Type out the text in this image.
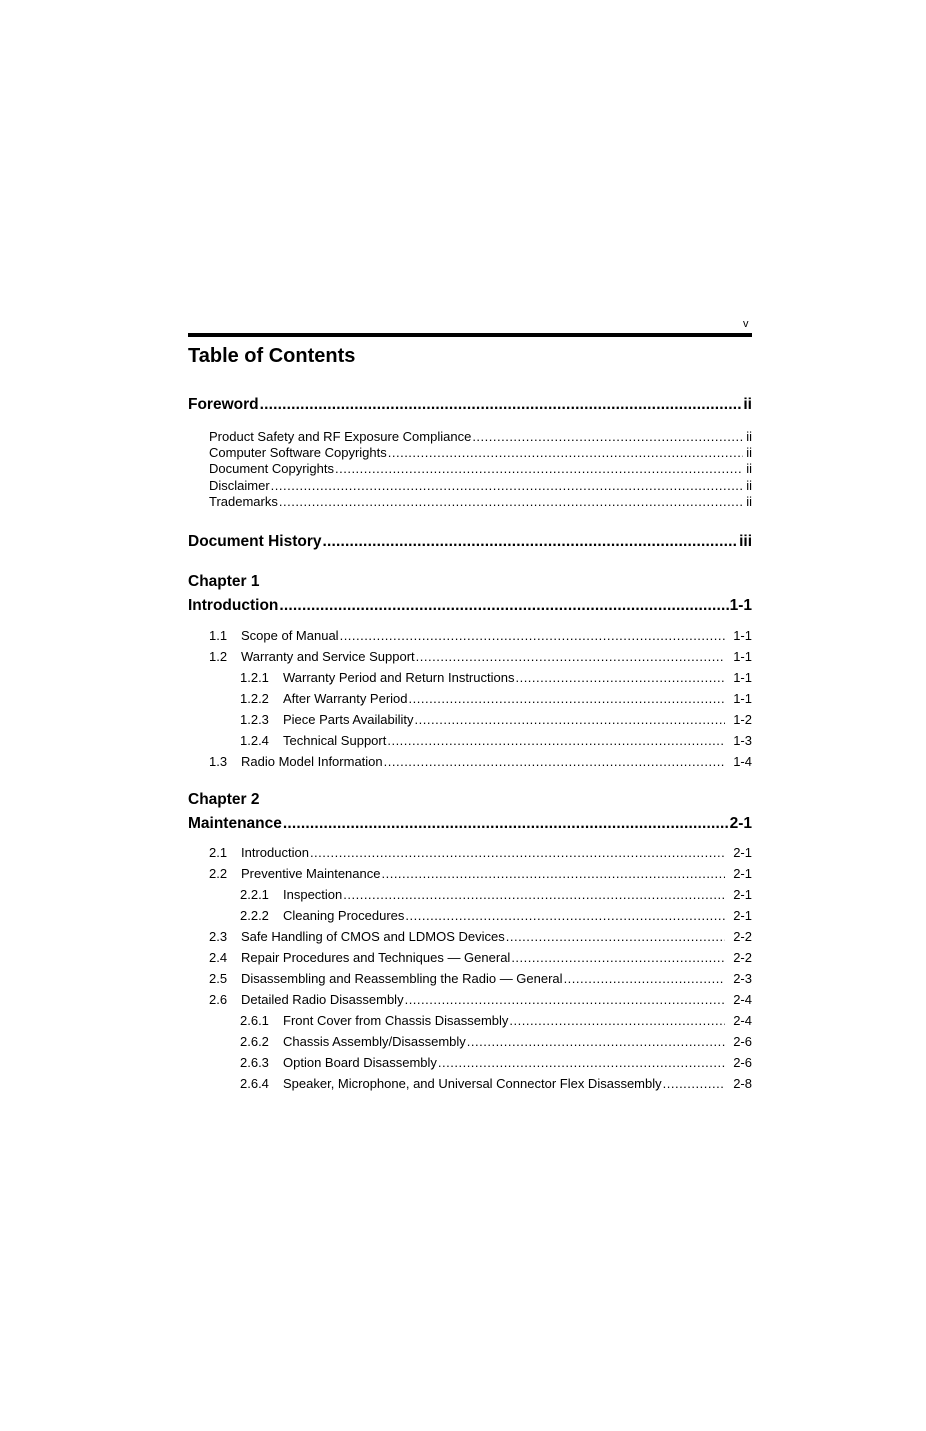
v
Table of Contents
Foreword .....	ii
Product Safety and RF Exposure Compliance .....	ii
Computer Software Copyrights .....	ii
Document Copyrights .....	ii
Disclaimer .....	ii
Trademarks .....	ii
Document History .....	iii
Chapter 1
Introduction .....	1-1
1.1	Scope of Manual .....	1-1
1.2	Warranty and Service Support .....	1-1
1.2.1	Warranty Period and Return Instructions .....	1-1
1.2.2	After Warranty Period .....	1-1
1.2.3	Piece Parts Availability .....	1-2
1.2.4	Technical Support .....	1-3
1.3	Radio Model Information .....	1-4
Chapter 2
Maintenance .....	2-1
2.1	Introduction .....	2-1
2.2	Preventive Maintenance .....	2-1
2.2.1	Inspection .....	2-1
2.2.2	Cleaning Procedures .....	2-1
2.3	Safe Handling of CMOS and LDMOS Devices .....	2-2
2.4	Repair Procedures and Techniques — General .....	2-2
2.5	Disassembling and Reassembling the Radio — General .....	2-3
2.6	Detailed Radio Disassembly .....	2-4
2.6.1	Front Cover from Chassis Disassembly .....	2-4
2.6.2	Chassis Assembly/Disassembly .....	2-6
2.6.3	Option Board Disassembly .....	2-6
2.6.4	Speaker, Microphone, and Universal Connector Flex Disassembly .....	2-8
